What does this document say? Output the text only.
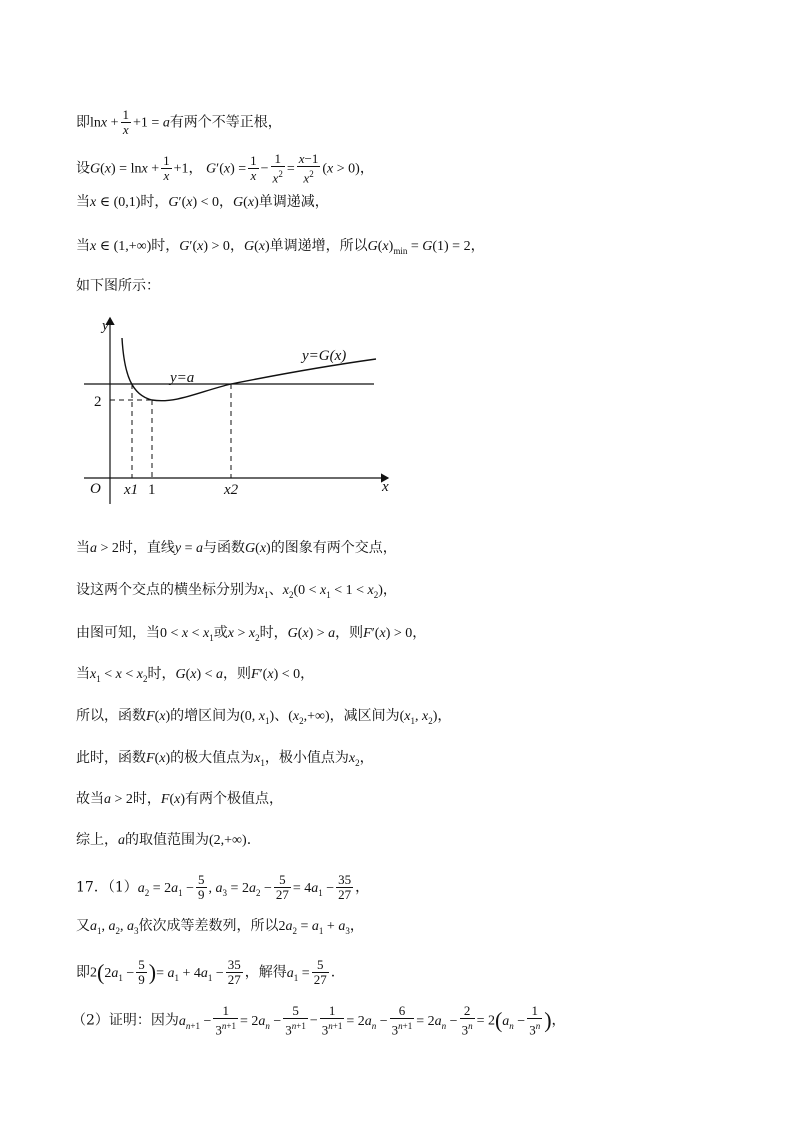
即$\ln x + \frac{1}{x} +1 = a$有两个不等正根，
设$G(x) = \ln x + \frac{1}{x} +1$， $G'(x) = \frac{1}{x} - \frac{1}{x^2} = \frac{x-1}{x^2} (x > 0)$，
当x ∈ (0,1)时，G′(x) < 0，G(x)单调递减，
当x ∈ (1,+∞)时，G′(x) > 0，G(x)单调递增，所以$G(x)_{min} = G(1) = 2$，
如下图所示：
y
x
O
y=G(x)
y=a
2
x1 1	x2
当a > 2时，直线y = a与函数G(x)的图象有两个交点，
设这两个交点的横坐标分别为$x_1$、$x_2(0 < x_1 < 1 < x_2)$，
由图可知，当$0 < x < x_1$或$x > x_2$时，G(x) > a，则F′(x) > 0，
当$x_1 < x < x_2$时，G(x) < a，则F′(x) < 0，
所以，函数F(x)的增区间为(0, $x_1$)、$(x_2,+\infty)$，减区间为($x_1$, $x_2$)，
此时，函数F(x)的极大值点为$x_1$，极小值点为$x_2$，
故当a > 2时，F(x)有两个极值点，
综上，a的取值范围为(2,+∞).
17．$(1)a_2 = 2a_1 - \frac{5}{9}$ , $a_3 = 2a_2 - \frac{5}{27} = 4a_1 - \frac{35}{27}$ ，
又$a_1$, $a_2$, $a_3$依次成等差数列，所以$2a_2 = a_1 + a_3$，
即$2(2a_1 - \frac{5}{9}$ )= $a_1 + 4a_1 - \frac{35}{27}$ ，解得$a_1 = \frac{5}{27}$ .
（2）证明：因为$a_{n+1} - \frac{1}{3^{n+1}} = 2a_n - \frac{5}{3^{n+1}} - \frac{1}{3^{n+1}} = 2a_n - \frac{6}{3^{n+1}} = 2a_n - \frac{2}{3^n} = 2(a_n - \frac{1}{3^n}$ )，
